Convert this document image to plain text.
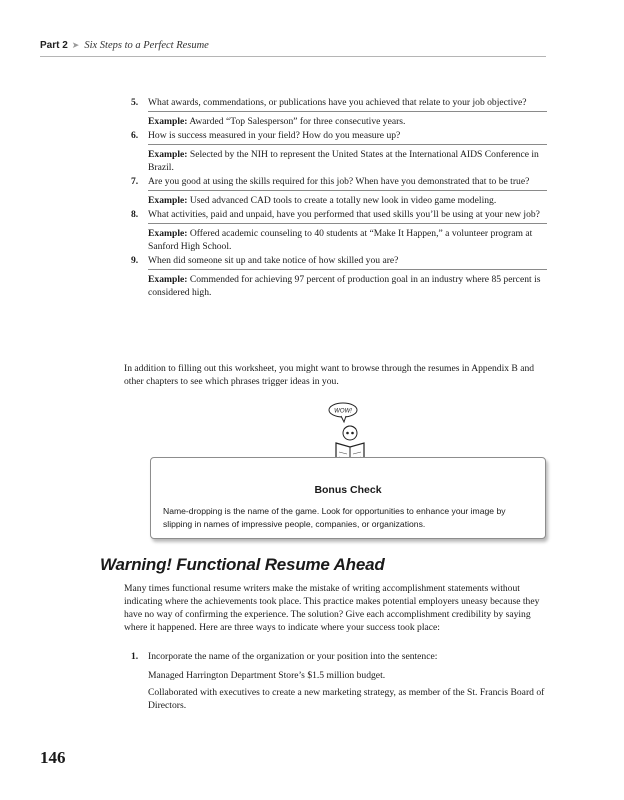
Part 2 ➤ Six Steps to a Perfect Resume
5.	What awards, commendations, or publications have you achieved that relate to your job objective?
Example: Awarded “Top Salesperson” for three consecutive years.
6.	How is success measured in your field? How do you measure up?
Example: Selected by the NIH to represent the United States at the International AIDS Conference in Brazil.
7.	Are you good at using the skills required for this job? When have you demonstrated that to be true?
Example: Used advanced CAD tools to create a totally new look in video game modeling.
8.	What activities, paid and unpaid, have you performed that used skills you’ll be using at your new job?
Example: Offered academic counseling to 40 students at “Make It Happen,” a volunteer program at Sanford High School.
9.	When did someone sit up and take notice of how skilled you are?
Example: Commended for achieving 97 percent of production goal in an industry where 85 percent is considered high.
In addition to filling out this worksheet, you might want to browse through the resumes in Appendix B and other chapters to see which phrases trigger ideas in you.
WOW!
Bonus Check
Name-dropping is the name of the game. Look for opportunities to enhance your image by slipping in names of impressive people, companies, or organizations.
Warning! Functional Resume Ahead
Many times functional resume writers make the mistake of writing accomplishment statements without indicating where the achievements took place. This practice makes potential employers uneasy because they have no way of confirming the experience. The solution? Give each accomplishment credibility by saying where it happened. Here are three ways to indicate where your success took place:
1.	Incorporate the name of the organization or your position into the sentence:
Managed Harrington Department Store’s $1.5 million budget.
Collaborated with executives to create a new marketing strategy, as member of the St. Francis Board of Directors.
146
